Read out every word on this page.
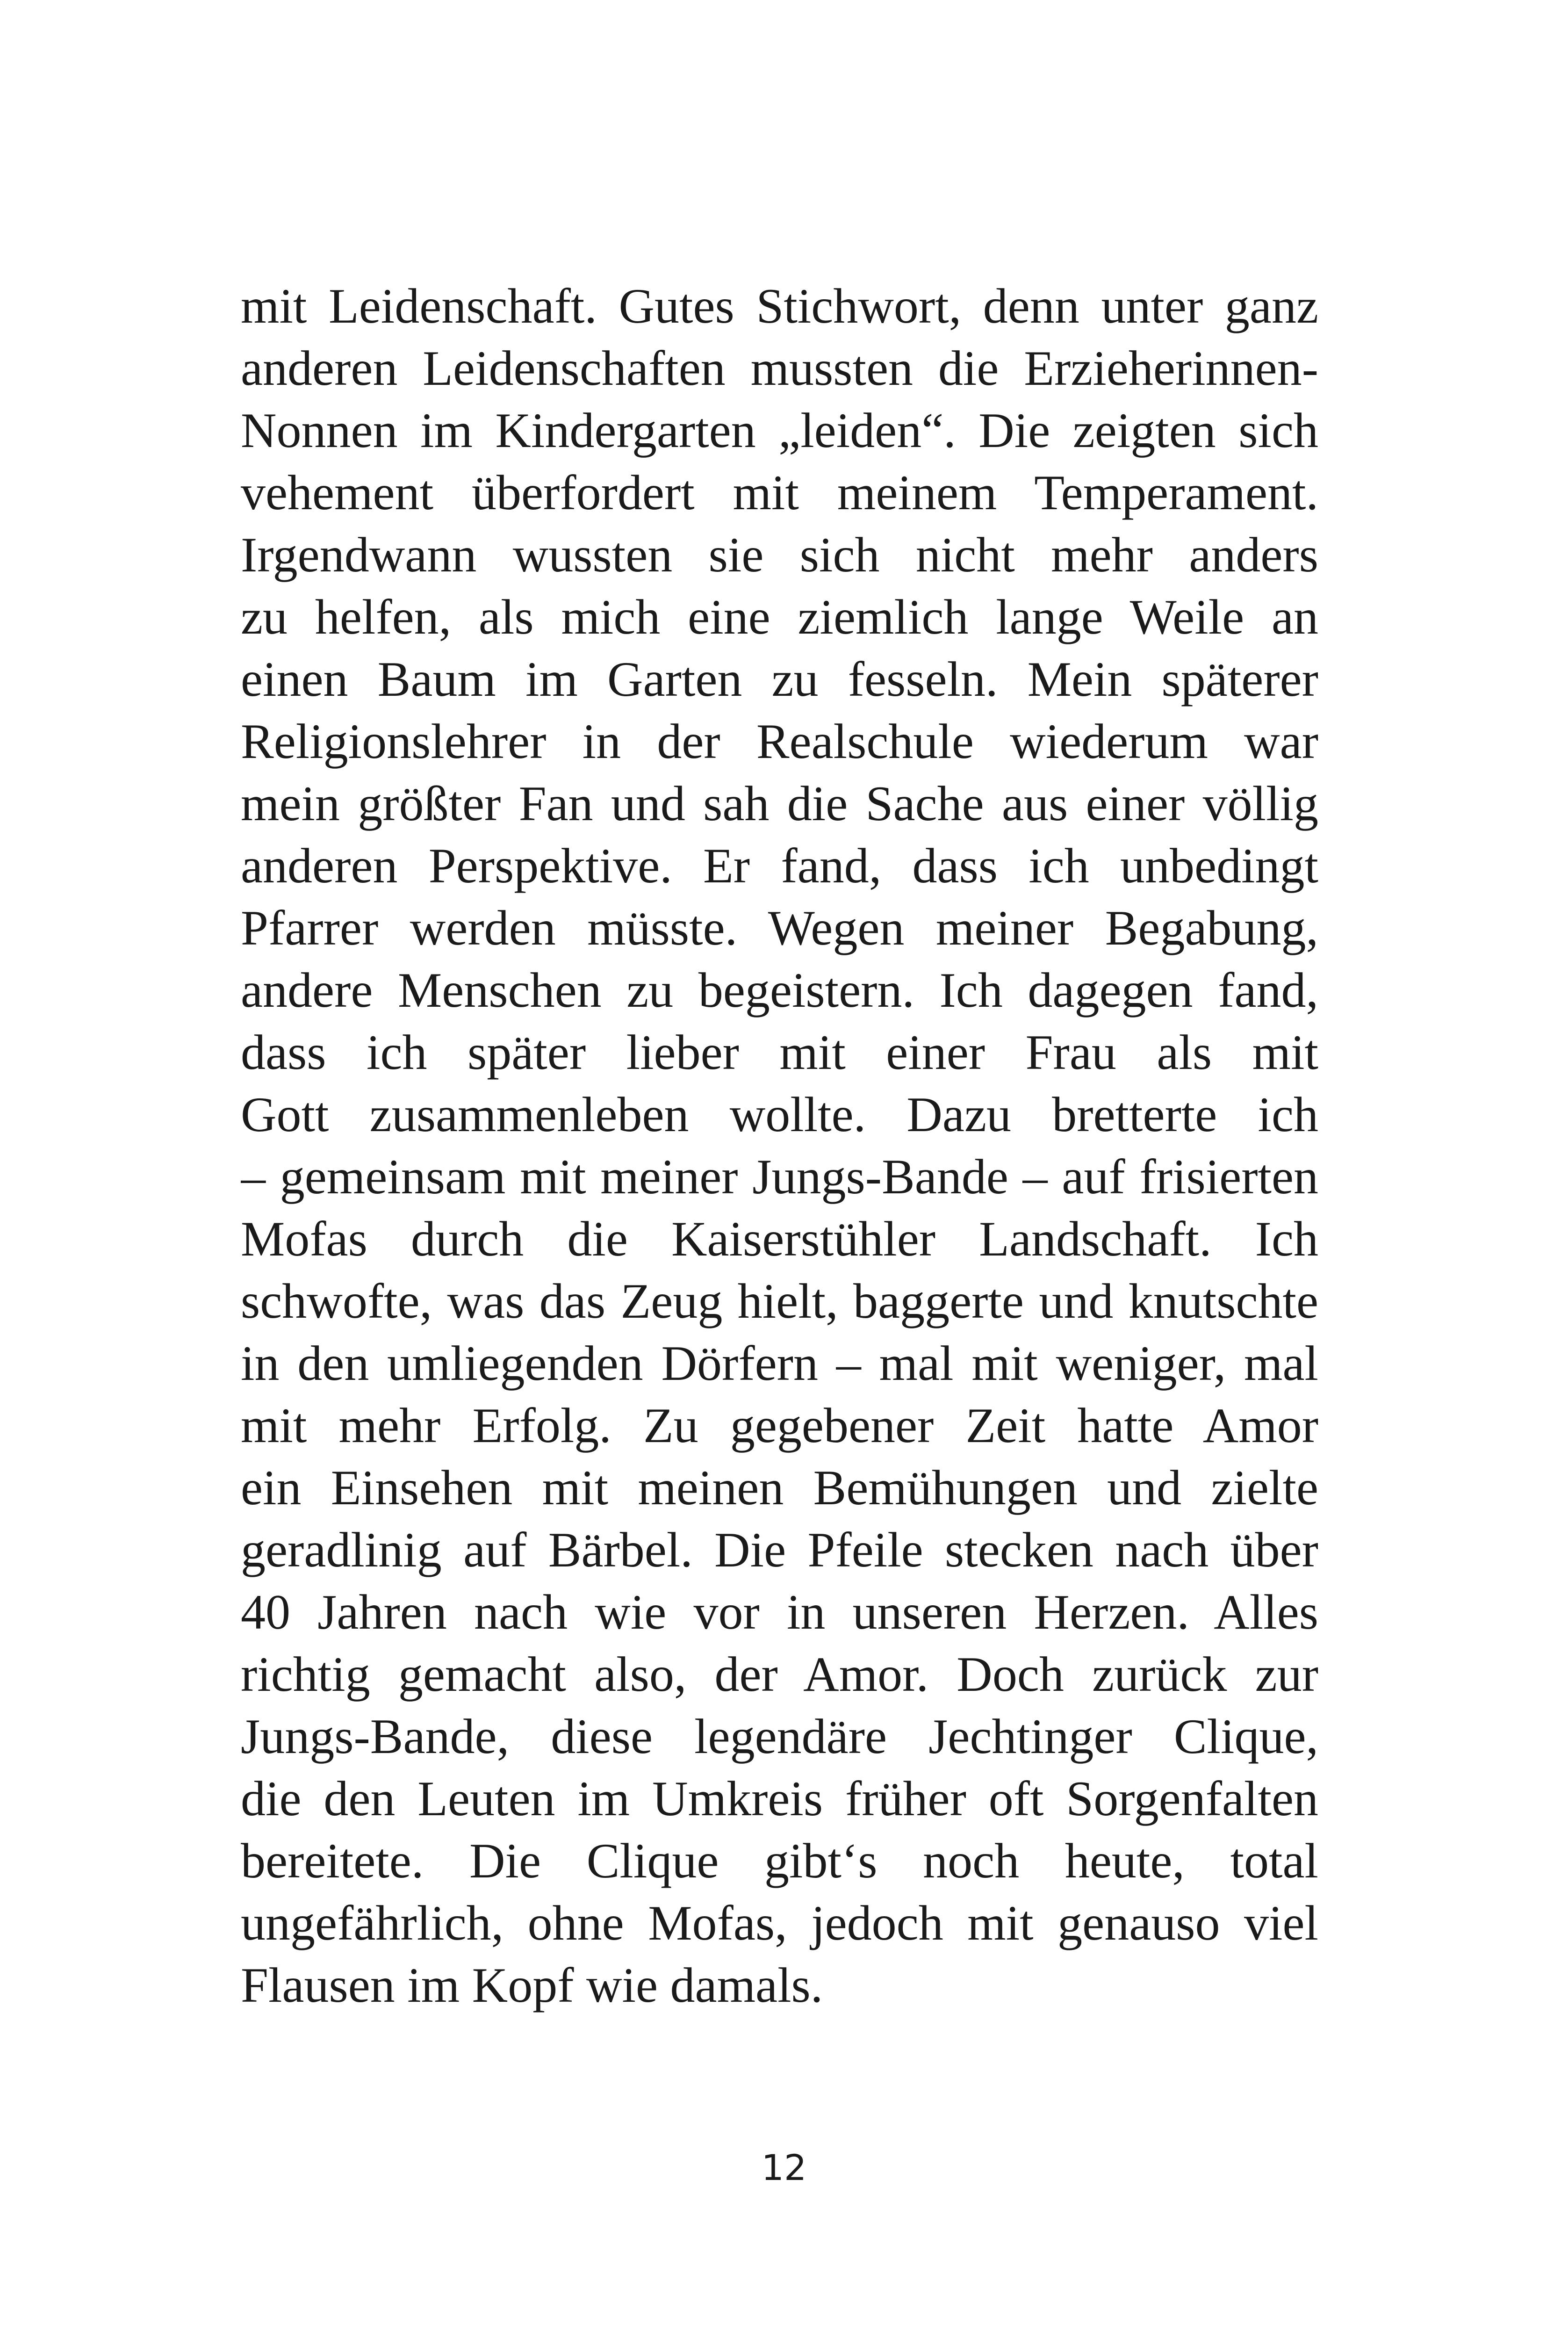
mit Leidenschaft. Gutes Stichwort, denn unter ganz
anderen Leidenschaften mussten die Erzieherinnen-
Nonnen im Kindergarten „leiden“. Die zeigten sich
vehement überfordert mit meinem Temperament.
Irgendwann wussten sie sich nicht mehr anders
zu helfen, als mich eine ziemlich lange Weile an
einen Baum im Garten zu fesseln. Mein späterer
Religionslehrer in der Realschule wiederum war
mein größter Fan und sah die Sache aus einer völlig
anderen Perspektive. Er fand, dass ich unbedingt
Pfarrer werden müsste. Wegen meiner Begabung,
andere Menschen zu begeistern. Ich dagegen fand,
dass ich später lieber mit einer Frau als mit
Gott zusammenleben wollte. Dazu bretterte ich
– gemeinsam mit meiner Jungs-Bande – auf frisierten
Mofas durch die Kaiserstühler Landschaft. Ich
schwofte, was das Zeug hielt, baggerte und knutschte
in den umliegenden Dörfern – mal mit weniger, mal
mit mehr Erfolg. Zu gegebener Zeit hatte Amor
ein Einsehen mit meinen Bemühungen und zielte
geradlinig auf Bärbel. Die Pfeile stecken nach über
40 Jahren nach wie vor in unseren Herzen. Alles
richtig gemacht also, der Amor. Doch zurück zur
Jungs-Bande, diese legendäre Jechtinger Clique,
die den Leuten im Umkreis früher oft Sorgenfalten
bereitete. Die Clique gibt‘s noch heute, total
ungefährlich, ohne Mofas, jedoch mit genauso viel
Flausen im Kopf wie damals.
12
